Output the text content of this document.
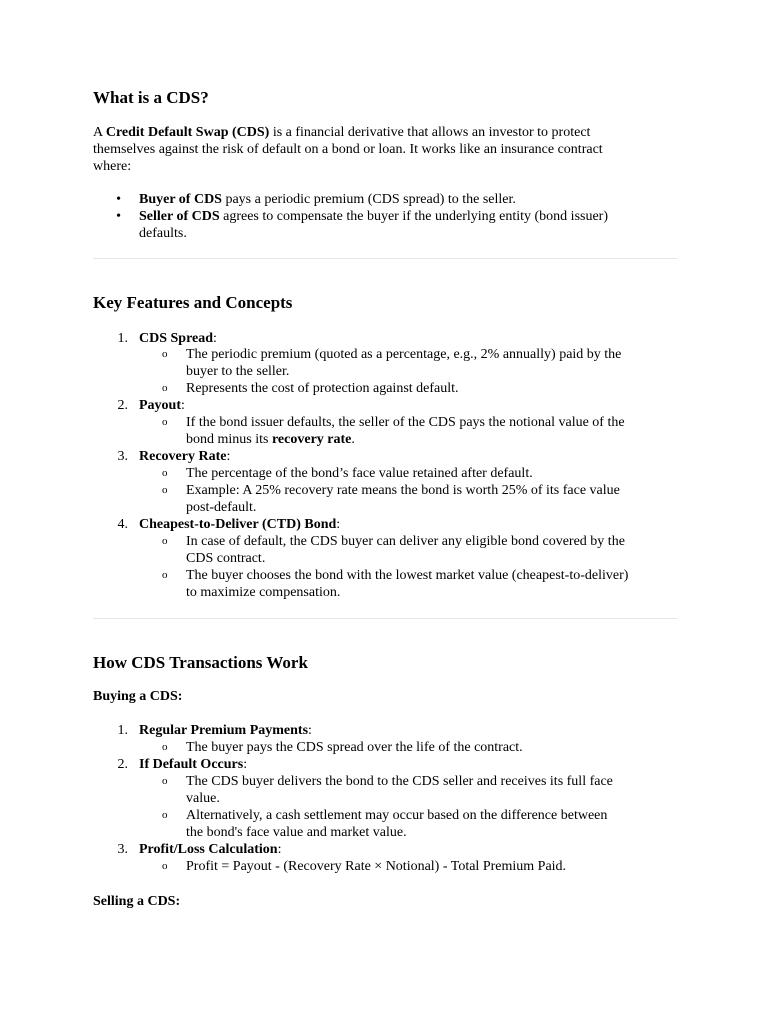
What is a CDS?
A Credit Default Swap (CDS) is a financial derivative that allows an investor to protect
themselves against the risk of default on a bond or loan. It works like an insurance contract
where:
• Buyer of CDS pays a periodic premium (CDS spread) to the seller.
• Seller of CDS agrees to compensate the buyer if the underlying entity (bond issuer)
defaults.
Key Features and Concepts
1. CDS Spread:
o The periodic premium (quoted as a percentage, e.g., 2% annually) paid by the
buyer to the seller.
o Represents the cost of protection against default.
2. Payout:
o If the bond issuer defaults, the seller of the CDS pays the notional value of the
bond minus its recovery rate.
3. Recovery Rate:
o The percentage of the bond’s face value retained after default.
o Example: A 25% recovery rate means the bond is worth 25% of its face value
post-default.
4. Cheapest-to-Deliver (CTD) Bond:
o In case of default, the CDS buyer can deliver any eligible bond covered by the
CDS contract.
o The buyer chooses the bond with the lowest market value (cheapest-to-deliver)
to maximize compensation.
How CDS Transactions Work
Buying a CDS:
1. Regular Premium Payments:
o The buyer pays the CDS spread over the life of the contract.
2. If Default Occurs:
o The CDS buyer delivers the bond to the CDS seller and receives its full face
value.
o Alternatively, a cash settlement may occur based on the difference between
the bond's face value and market value.
3. Profit/Loss Calculation:
o Profit = Payout - (Recovery Rate × Notional) - Total Premium Paid.
Selling a CDS:
